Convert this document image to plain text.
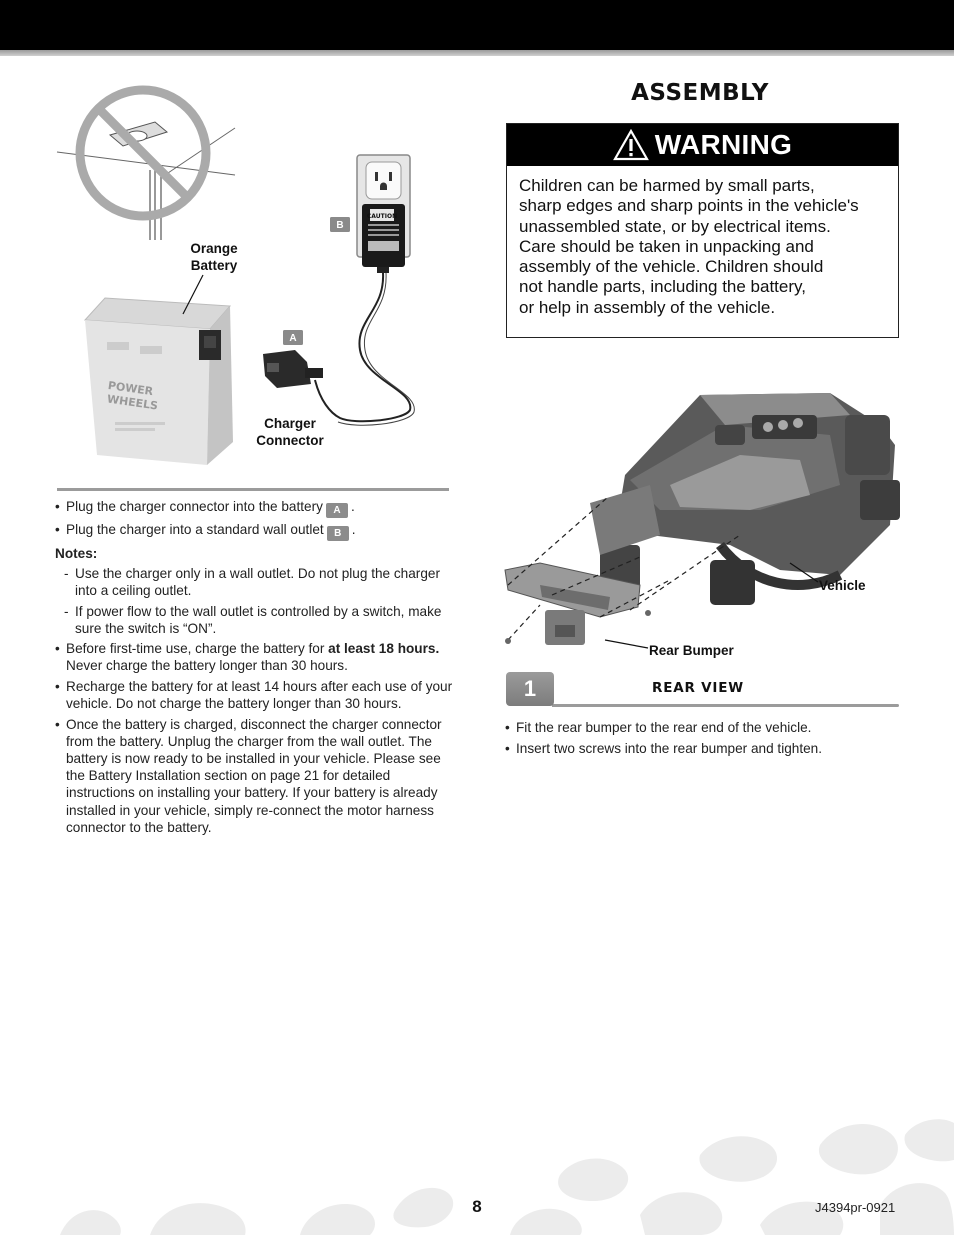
ASSEMBLY
WARNING

Children can be harmed by small parts,

sharp edges and sharp points in the vehicle's

unassembled state, or by electrical items.

Care should be taken in unpacking and

assembly of the vehicle. Children should

not handle parts, including the battery,

or help in assembly of the vehicle.

CAUTION
B
A
POWER
WHEELS
Orange
Battery
Charger
Connector
• Plug the charger connector into the battery A .
• Plug the charger into a standard wall outlet B .
Notes:
- Use the charger only in a wall outlet. Do not plug the charger into a ceiling outlet.
- If power flow to the wall outlet is controlled by a switch, make sure the switch is “ON”.
• Before first-time use, charge the battery for at least 18 hours. Never charge the battery longer than 30 hours.
• Recharge the battery for at least 14 hours after each use of your vehicle. Do not charge the battery longer than 30 hours.
• Once the battery is charged, disconnect the charger connector from the battery. Unplug the charger from the wall outlet. The battery is now ready to be installed in your vehicle. Please see the Battery Installation section on page 21 for detailed instructions on installing your battery. If your battery is already installed in your vehicle, simply re-connect the motor harness connector to the battery.
Vehicle
Rear Bumper
1	REAR VIEW
• Fit the rear bumper to the rear end of the vehicle.
• Insert two screws into the rear bumper and tighten.
8	J4394pr-0921
